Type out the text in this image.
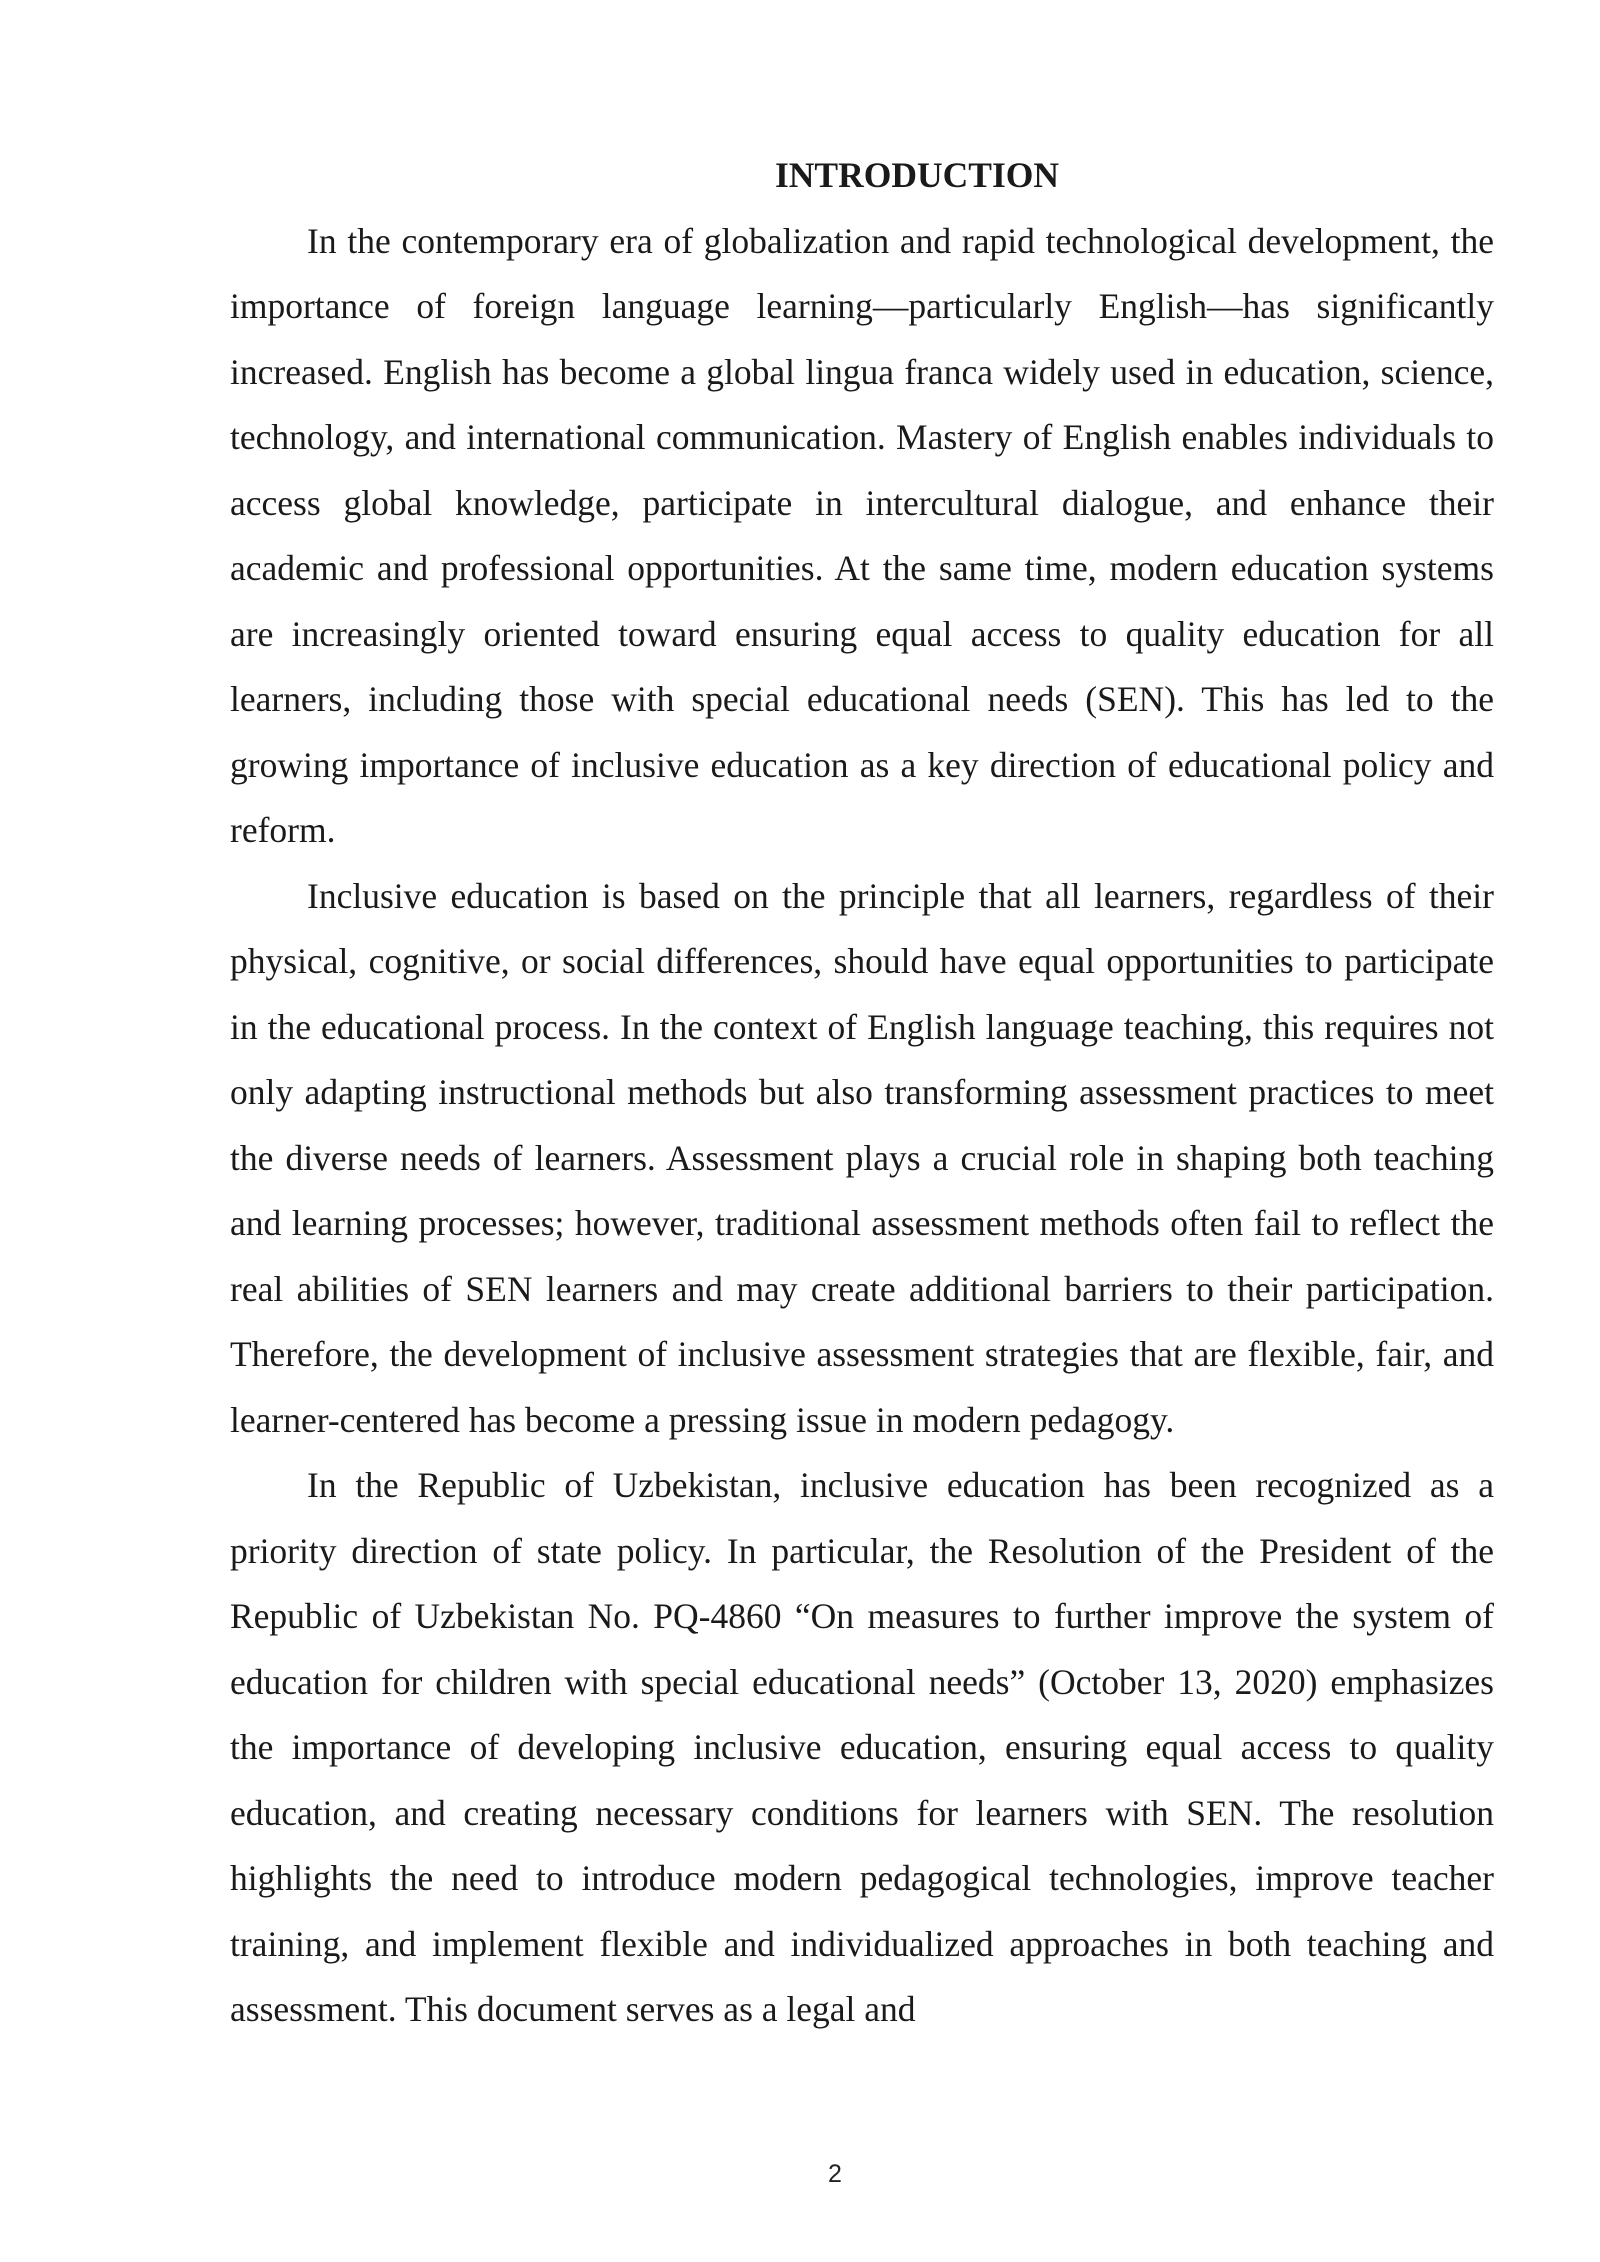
INTRODUCTION

In the contemporary era of globalization and rapid technological development, the importance of foreign language learning—particularly English—has significantly increased. English has become a global lingua franca widely used in education, science, technology, and international communication. Mastery of English enables individuals to access global knowledge, participate in intercultural dialogue, and enhance their academic and professional opportunities. At the same time, modern education systems are increasingly oriented toward ensuring equal access to quality education for all learners, including those with special educational needs (SEN). This has led to the growing importance of inclusive education as a key direction of educational policy and reform.

Inclusive education is based on the principle that all learners, regardless of their physical, cognitive, or social differences, should have equal opportunities to participate in the educational process. In the context of English language teaching, this requires not only adapting instructional methods but also transforming assessment practices to meet the diverse needs of learners. Assessment plays a crucial role in shaping both teaching and learning processes; however, traditional assessment methods often fail to reflect the real abilities of SEN learners and may create additional barriers to their participation. Therefore, the development of inclusive assessment strategies that are flexible, fair, and learner-centered has become a pressing issue in modern pedagogy.

In the Republic of Uzbekistan, inclusive education has been recognized as a priority direction of state policy. In particular, the Resolution of the President of the Republic of Uzbekistan No. PQ-4860 “On measures to further improve the system of education for children with special educational needs” (October 13, 2020) emphasizes the importance of developing inclusive education, ensuring equal access to quality education, and creating necessary conditions for learners with SEN. The resolution highlights the need to introduce modern pedagogical technologies, improve teacher training, and implement flexible and individualized approaches in both teaching and assessment. This document serves as a legal and

2
